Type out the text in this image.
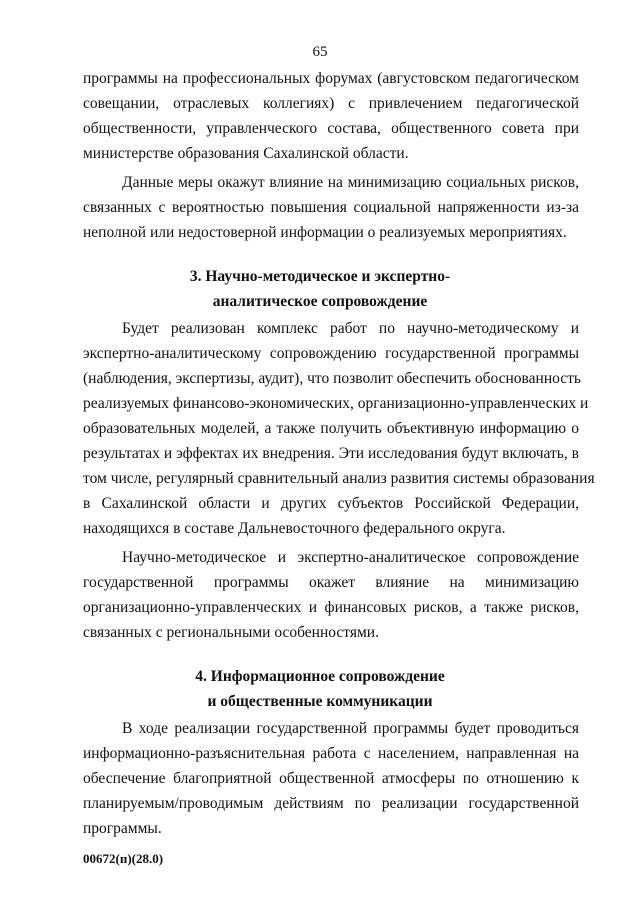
65
программы на профессиональных форумах (августовском педагогическом
совещании, отраслевых коллегиях) с привлечением педагогической
общественности, управленческого состава, общественного совета при
министерстве образования Сахалинской области.
Данные меры окажут влияние на минимизацию социальных рисков,
связанных с вероятностью повышения социальной напряженности из-за
неполной или недостоверной информации о реализуемых мероприятиях.
3. Научно-методическое и экспертно-
аналитическое сопровождение
Будет реализован комплекс работ по научно-методическому и
экспертно-аналитическому сопровождению государственной программы
(наблюдения, экспертизы, аудит), что позволит обеспечить обоснованность
реализуемых финансово-экономических, организационно-управленческих и
образовательных моделей, а также получить объективную информацию о
результатах и эффектах их внедрения. Эти исследования будут включать, в
том числе, регулярный сравнительный анализ развития системы образования
в Сахалинской области и других субъектов Российской Федерации,
находящихся в составе Дальневосточного федерального округа.
Научно-методическое и экспертно-аналитическое сопровождение
государственной программы окажет влияние на минимизацию
организационно-управленческих и финансовых рисков, а также рисков,
связанных с региональными особенностями.
4. Информационное сопровождение
и общественные коммуникации
В ходе реализации государственной программы будет проводиться
информационно-разъяснительная работа с населением, направленная на
обеспечение благоприятной общественной атмосферы по отношению к
планируемым/проводимым действиям по реализации государственной
программы.
00672(п)(28.0)
